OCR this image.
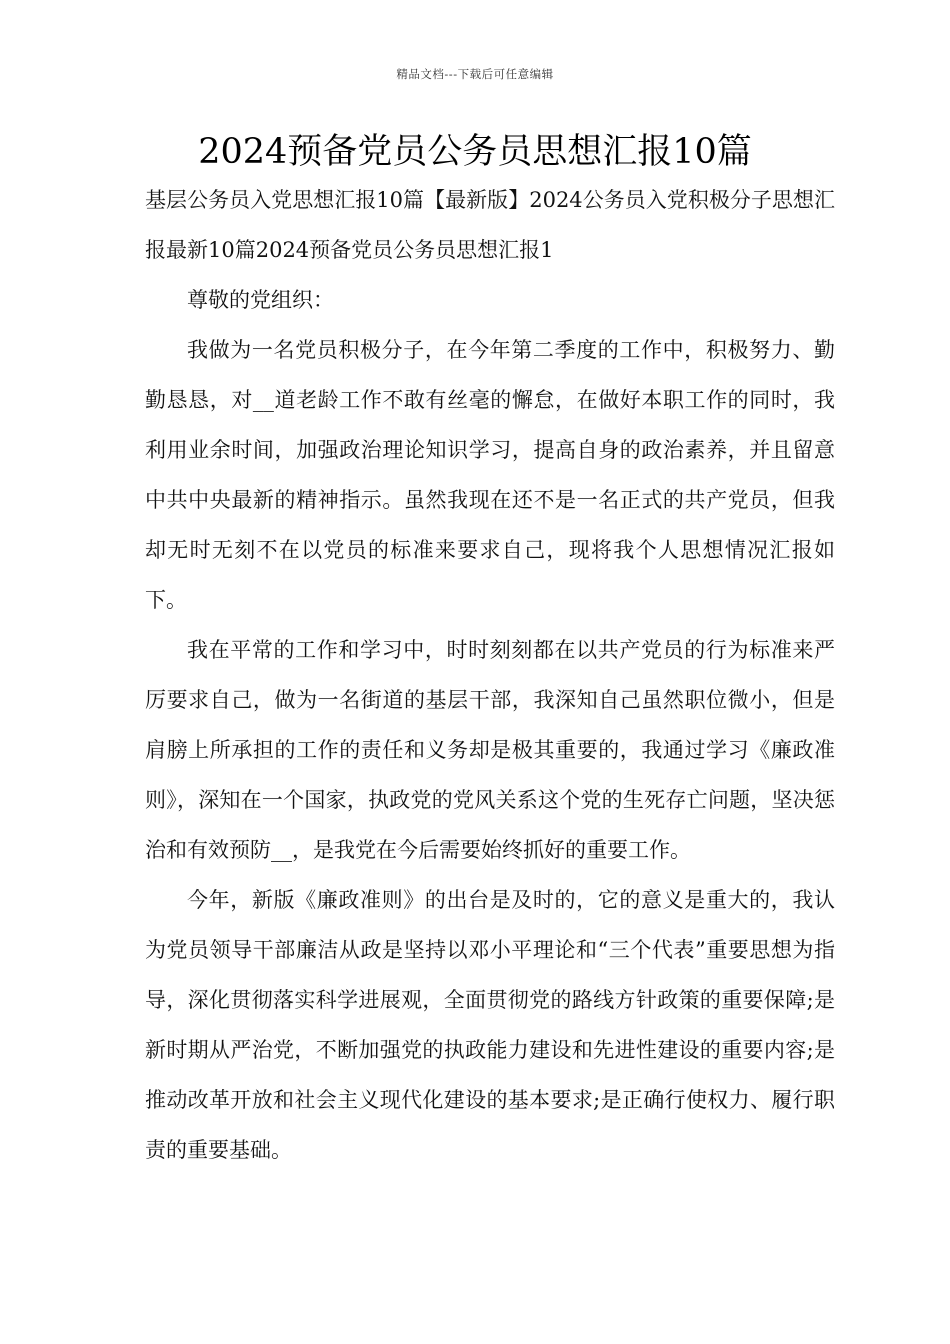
精品文档---下载后可任意编辑
2024预备党员公务员思想汇报10篇

基层公务员入党思想汇报10篇【最新版】2024公务员入党积极分子思想汇报最新10篇2024预备党员公务员思想汇报1

尊敬的党组织：

我做为一名党员积极分子，在今年第二季度的工作中，积极努力、勤勤恳恳，对__道老龄工作不敢有丝毫的懈怠，在做好本职工作的同时，我利用业余时间，加强政治理论知识学习，提高自身的政治素养，并且留意中共中央最新的精神指示。虽然我现在还不是一名正式的共产党员，但我却无时无刻不在以党员的标准来要求自己，现将我个人思想情况汇报如下。

我在平常的工作和学习中，时时刻刻都在以共产党员的行为标准来严厉要求自己，做为一名街道的基层干部，我深知自己虽然职位微小，但是肩膀上所承担的工作的责任和义务却是极其重要的，我通过学习《廉政准则》，深知在一个国家，执政党的党风关系这个党的生死存亡问题，坚决惩治和有效预防__，是我党在今后需要始终抓好的重要工作。

今年，新版《廉政准则》的出台是及时的，它的意义是重大的，我认为党员领导干部廉洁从政是坚持以邓小平理论和“三个代表”重要思想为指导，深化贯彻落实科学进展观，全面贯彻党的路线方针政策的重要保障;是新时期从严治党，不断加强党的执政能力建设和先进性建设的重要内容;是推动改革开放和社会主义现代化建设的基本要求;是正确行使权力、履行职责的重要基础。
